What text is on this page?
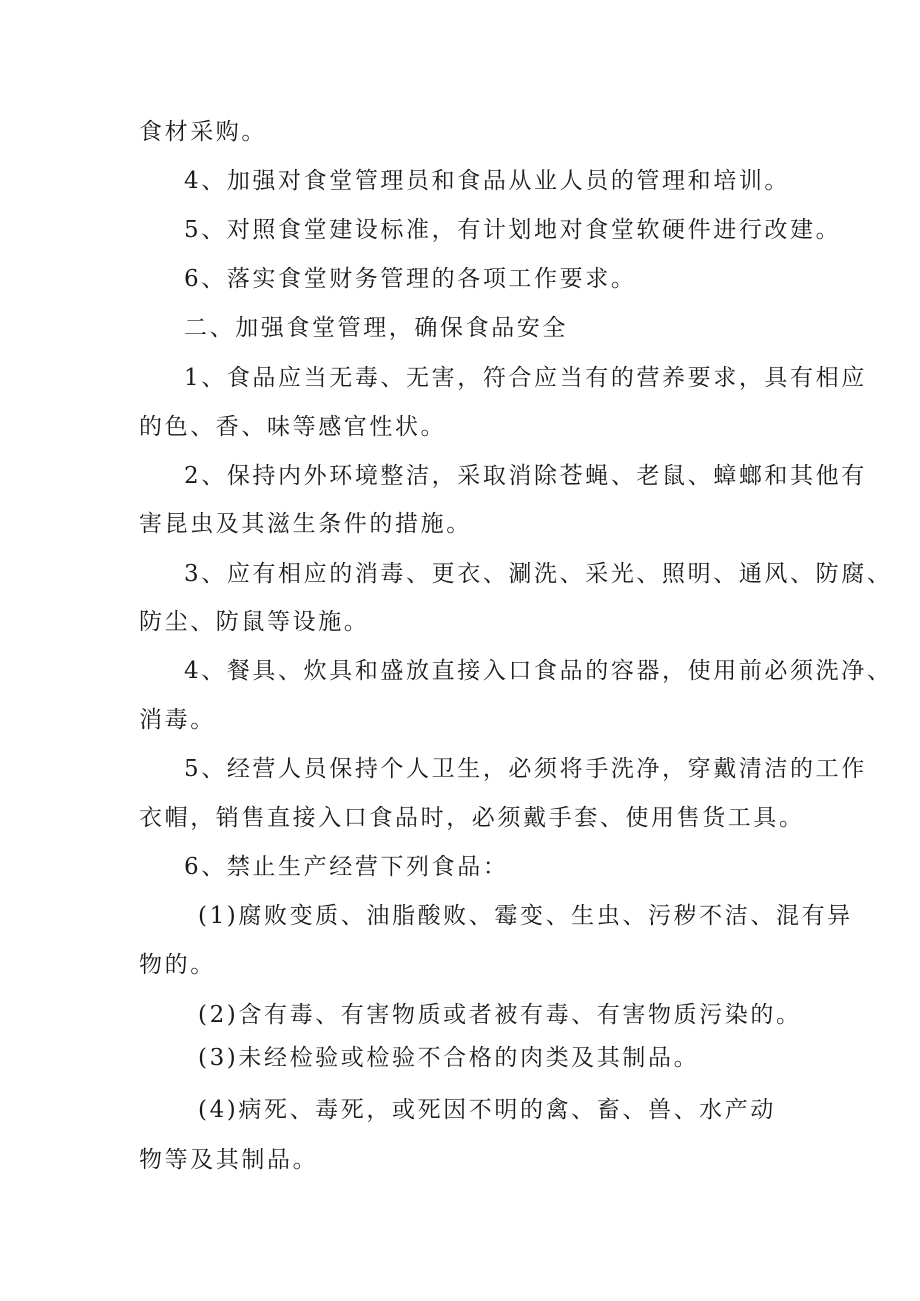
食材采购。
4、加强对食堂管理员和食品从业人员的管理和培训。
5、对照食堂建设标准，有计划地对食堂软硬件进行改建。
6、落实食堂财务管理的各项工作要求。
二、加强食堂管理，确保食品安全
1、食品应当无毒、无害，符合应当有的营养要求，具有相应
的色、香、味等感官性状。
2、保持内外环境整洁，采取消除苍蝇、老鼠、蟑螂和其他有
害昆虫及其滋生条件的措施。
3、应有相应的消毒、更衣、涮洗、采光、照明、通风、防腐、
防尘、防鼠等设施。
4、餐具、炊具和盛放直接入口食品的容器，使用前必须洗净、
消毒。
5、经营人员保持个人卫生，必须将手洗净，穿戴清洁的工作
衣帽，销售直接入口食品时，必须戴手套、使用售货工具。
6、禁止生产经营下列食品：
(1)腐败变质、油脂酸败、霉变、生虫、污秽不洁、混有异
物的。
(2)含有毒、有害物质或者被有毒、有害物质污染的。
(3)未经检验或检验不合格的肉类及其制品。
(4)病死、毒死，或死因不明的禽、畜、兽、水产动
物等及其制品。
